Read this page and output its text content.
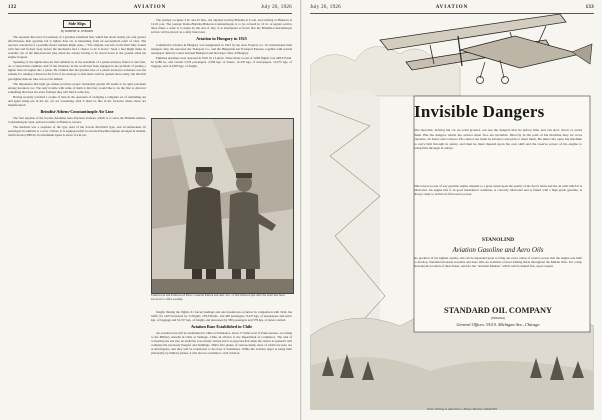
132	AVIATION	July 26, 1926
Side Slips
By ROBERT R. OSBORN

The reported discovery in Germany of a gasoline substitute fuel, which has about twenty per cent greater effectiveness than gasoline but is lighter than air, is interesting from an aeronautical point of view. The reporter conceived of a possible future resident might enter—"The airplane was left on the field fully loaded with fuel and floated away before the mechanics had a chance to tie it down." Such a fuel might make an actuality out of the time-honored joke about the aviator having to be towed down to the ground when his engine stopped.

Speaking of the lighter-than-air fuel reminds us of the statement of a patent-attorney friend of ours that, on a conservative estimate, half of the inventors in the world had been engaged in the problem of putting a lighter than air engine into a plane. He claimed that the greatest fuse of a patent attorney's existence was the scheme for running a thread in the fold of an envelope so that mail could be opened more easily, but that this gas-lighter-than-air idea was not far behind.

The impression that light gas makes province proper fortunately greater lift seems to be quite prevalent among inventors too. The only trouble with some of them is that they would like to be the first to discover something that does not exist. Perhaps they will find it some day.

Having recently watched a couple of men in the operation of swinging a rampshot set of reminding out and again being put in the air, we are wondering what it must be like in the factories where those are manufactured.

Brindisi-Athens-Constantinople Air Line

The first airplane of the Societa Anonima Aero-Espresso Italiana, which is to serve the Brindisi-Athens-Constantinople route, arrived recently at Phaleron, Greece.

The machine was a seaplane of the type used of the Savoia Marchetti type, and accommodates 10 passengers in addition to a crew of three. It is equipped with two Isotta-Fraschini engines arranged in tandem, which develop 880 hp. Its maximum speed is about 114 m.p.h.

The journey occupies 3 hr. and 45 min., the airplane leaving Brindisi at 9 a.m. and arriving at Phaleron at 12:45 p.m. The journey Rome-Brindisi-Phaleron-Constantinople is to be covered in 12 hr. A regular service three times a week is to begin by the end of July. It is anticipated to flown that the Brindisi-Constantinople service will be placed on a daily basis later.

Aviation in Hungary in 1925

Commercial aviation in Hungary was inaugurated in 1923 by the Aero Express Co. for international mail transport only, the Aeronaut Air Transport Co., and the Hungarian Air Transport Express, together with several newspaper delivery routes between Budapest and the larger cities of Hungary.

Eighteen airplanes were operated in 1925 by 13 pilots. These made a total of 3,089 flights over 408,335 km. In 3,286 hr., and carried 3,353 passengers, 2,306 kgs. of letters, 12,478 kgs. of newspapers, 10,275 kgs. of baggage, and 114,995 kgs. of freight.

Underwood and Underwood Photo. General Patrick and Asst. Sec. of War Davison just after the latter had been sworn in to office recently.

freight. During the flights, 61 forced landings and one breakdown occurred. In comparison with 1924, the traffic for 1925 increased by 15 flights, 138,336 km., and 400 passengers, 8,225 kgs. of newspapers and 4,641 kgs. of baggage and 52,727 kgs. of freight, and decreased by 580 passengers and 578 kgs. of letters carried.

Aviation Base Established in Chile

An aviation base will be established in Chile at Salamanca, about 17 miles west of Punta Arenas, according to the Military Attaché in Chile at Santiago, Chile, in advices to the Department of Commerce. The task of converting the site into an airdrome was already started and it is expected that when the station is opened it will complete the necessary hangars and buildings. Thirty-five planes of various kinds, most of which are new, are at Antofagasta, and they will be transferred to the base at Salamanca. While the aviation depot is being built principally by military planes, it will also be available to civil aviation.

July 26, 1926	AVIATION	133
Invisible Dangers
The motorist, driving his car on solid ground, can see the dangers that lie before him, and can slow down or avoid them. But the dangers which the aviator must face are invisible. Directly in the path of his machine may be cross currents, air holes and vortices. He cannot see them in advance and plan to meet them. He must rely upon his machine to carry him through in safety, and then he must depend upon his own skill and the reserve power of his engine to bring him through in safety.
This reserve power of any gasoline engine depends to a great extent upon the quality of the fuel it burns and the oil with which it is lubricated. An engine that is in good mechanical condition, is correctly lubricated and is fueled with a high grade gasoline, is always ready to deliver its full reserve power.
STANOLIND
Aviation Gasoline and Aero Oils
are products of the highest quality, and can be depended upon to bring out every ounce of reserve power that the engine was built to develop. Stanolind Aviation Gasoline and Aero Oils are available at most landing fields throughout the Middle West. For a map showing the location of these fields, send for the "Aviation Manual," which will be mailed free, upon request.
STANDARD OIL COMPANY
(INDIANA)
General Offices: 910 S. Michigan Ave., Chicago
When Writing to Advertisers, Please Mention AVIATION
